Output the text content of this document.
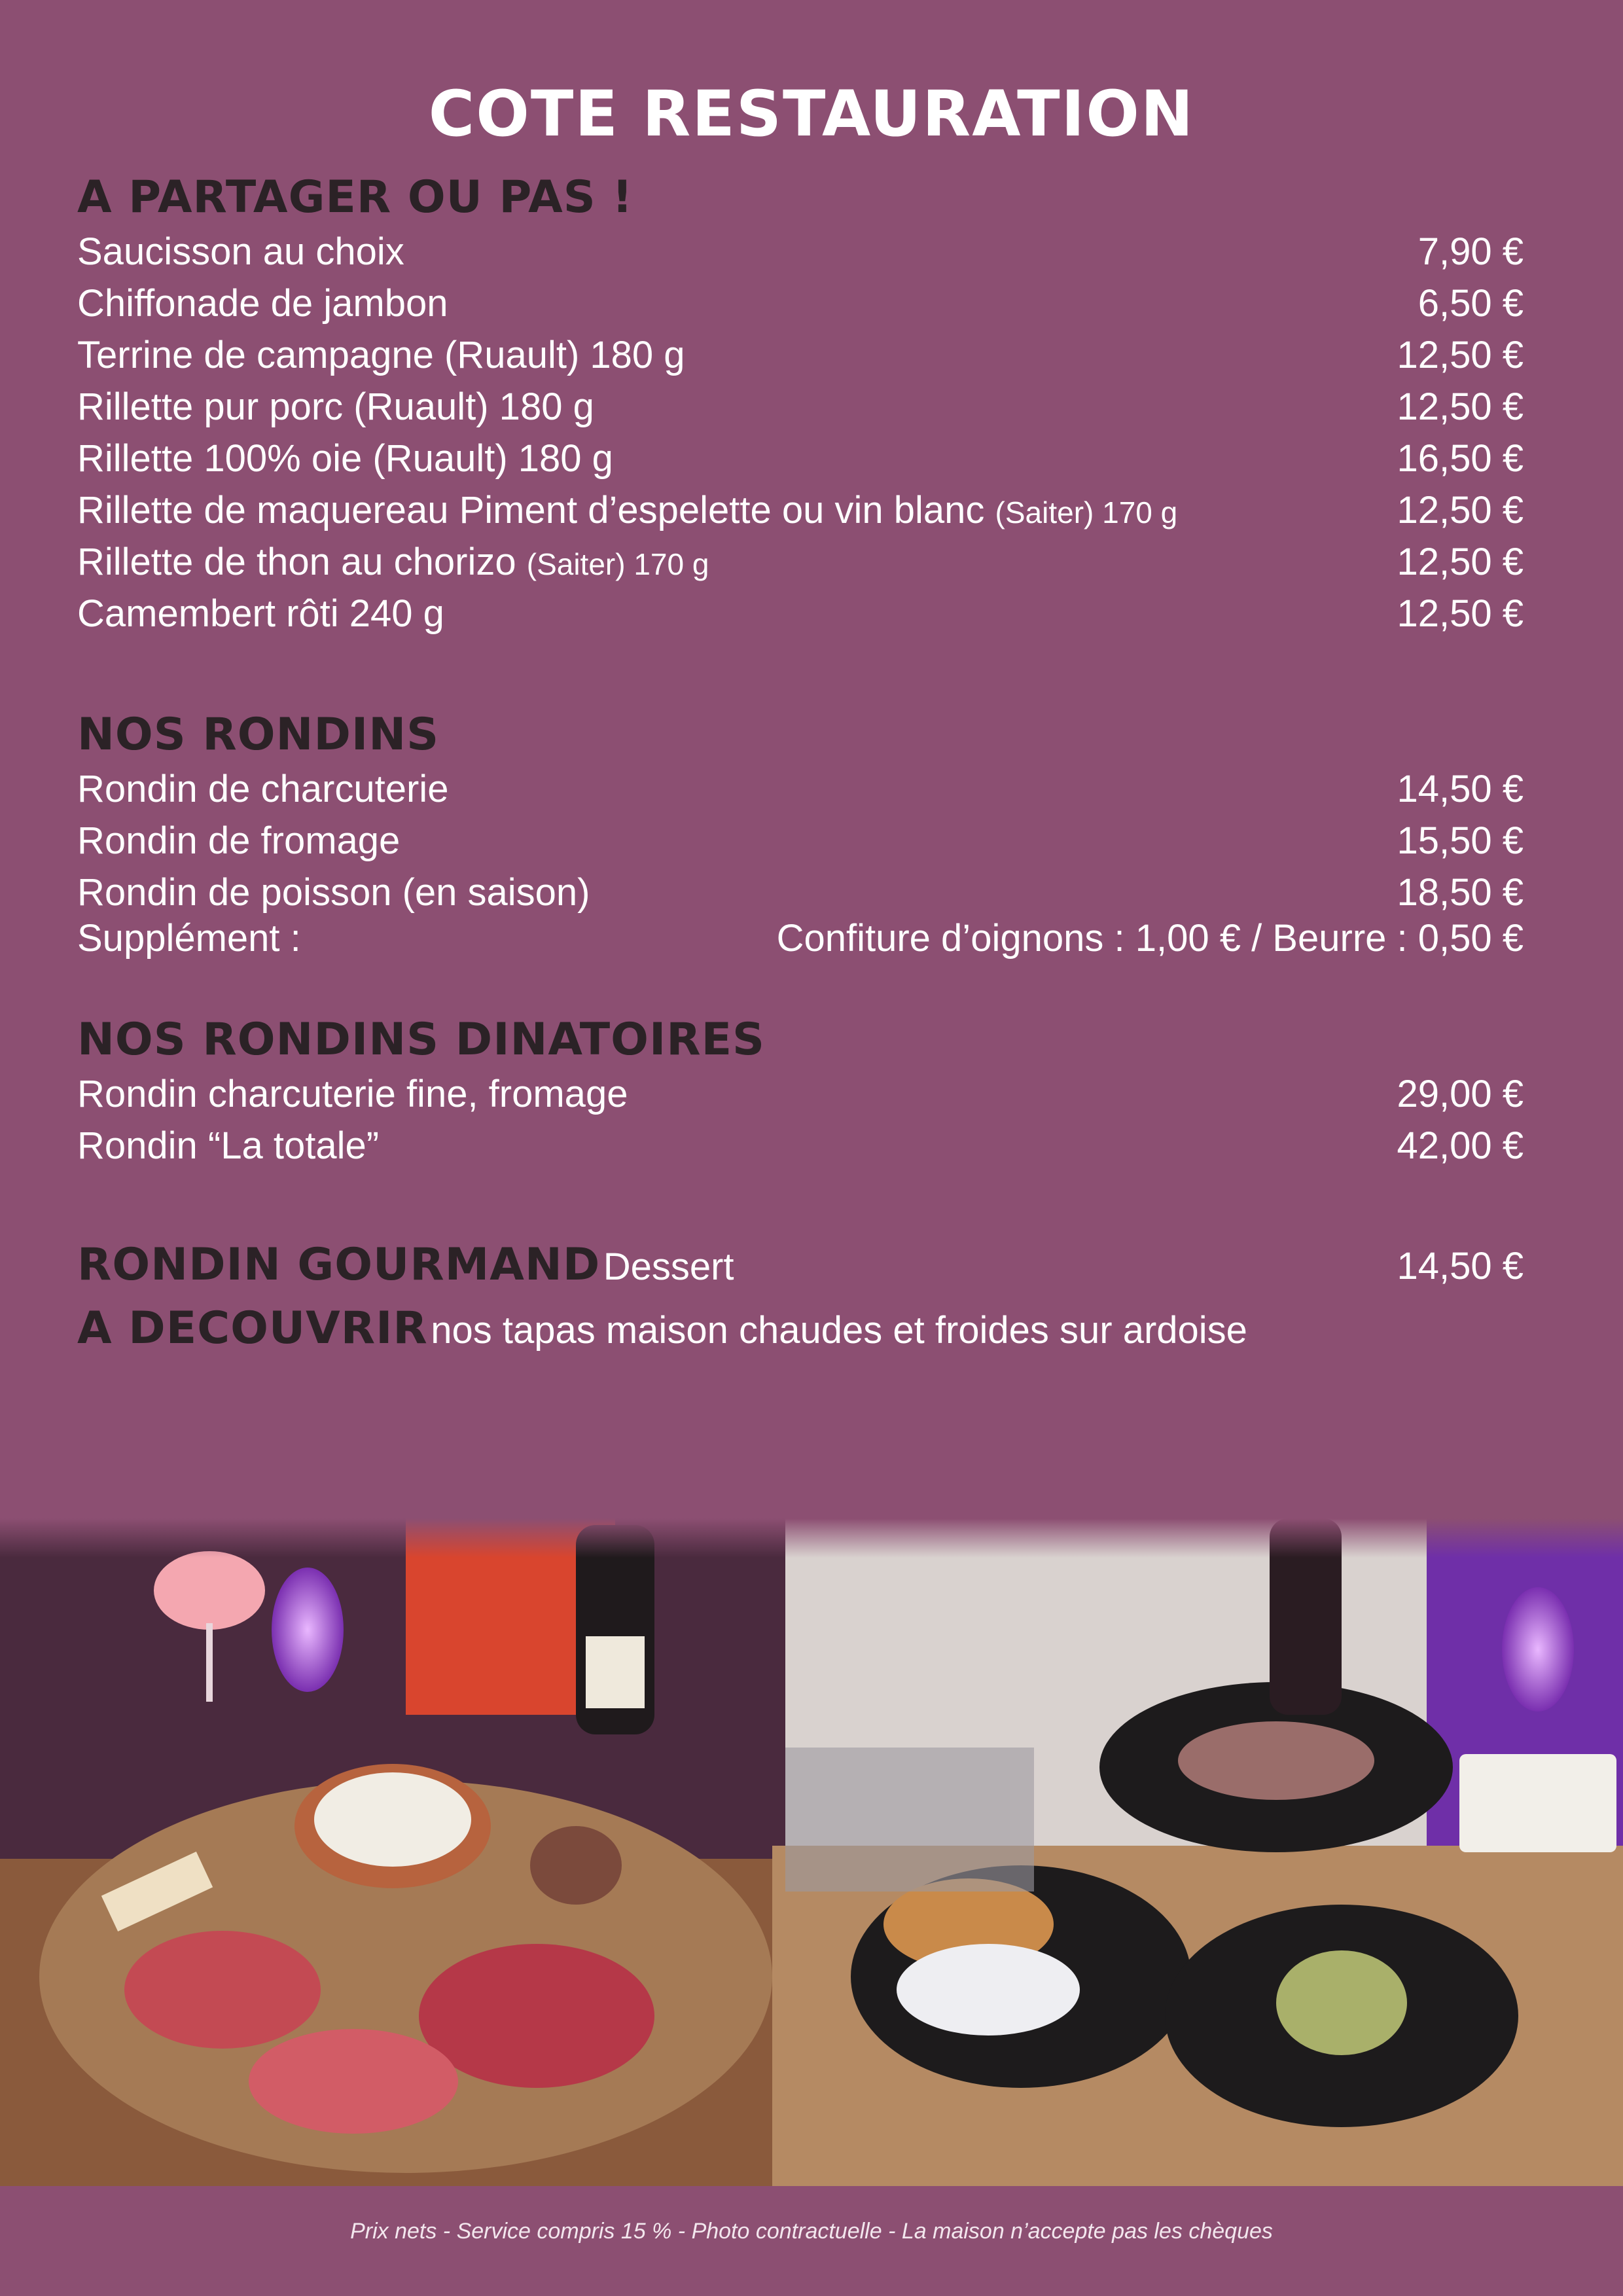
COTE RESTAURATION
A PARTAGER OU PAS !
Saucisson au choix	7,90 €
Chiffonade de jambon	6,50 €
Terrine de campagne (Ruault) 180 g	12,50 €
Rillette pur porc (Ruault) 180 g	12,50 €
Rillette 100% oie (Ruault) 180 g	16,50 €
Rillette de maquereau Piment d’espelette ou vin blanc (Saiter) 170 g	12,50 €
Rillette de thon au chorizo (Saiter) 170 g	12,50 €
Camembert rôti 240 g	12,50 €
NOS RONDINS
Rondin de charcuterie	14,50 €
Rondin de fromage	15,50 €
Rondin de poisson (en saison)	18,50 €
Supplément :	Confiture d’oignons : 1,00 € / Beurre : 0,50 €
NOS RONDINS DINATOIRES
Rondin charcuterie fine, fromage	29,00 €
Rondin “La totale”	42,00 €
RONDIN GOURMAND Dessert	14,50 €
A DECOUVRIR nos tapas maison chaudes et froides sur ardoise
Prix nets - Service compris 15 % - Photo contractuelle - La maison n’accepte pas les chèques
